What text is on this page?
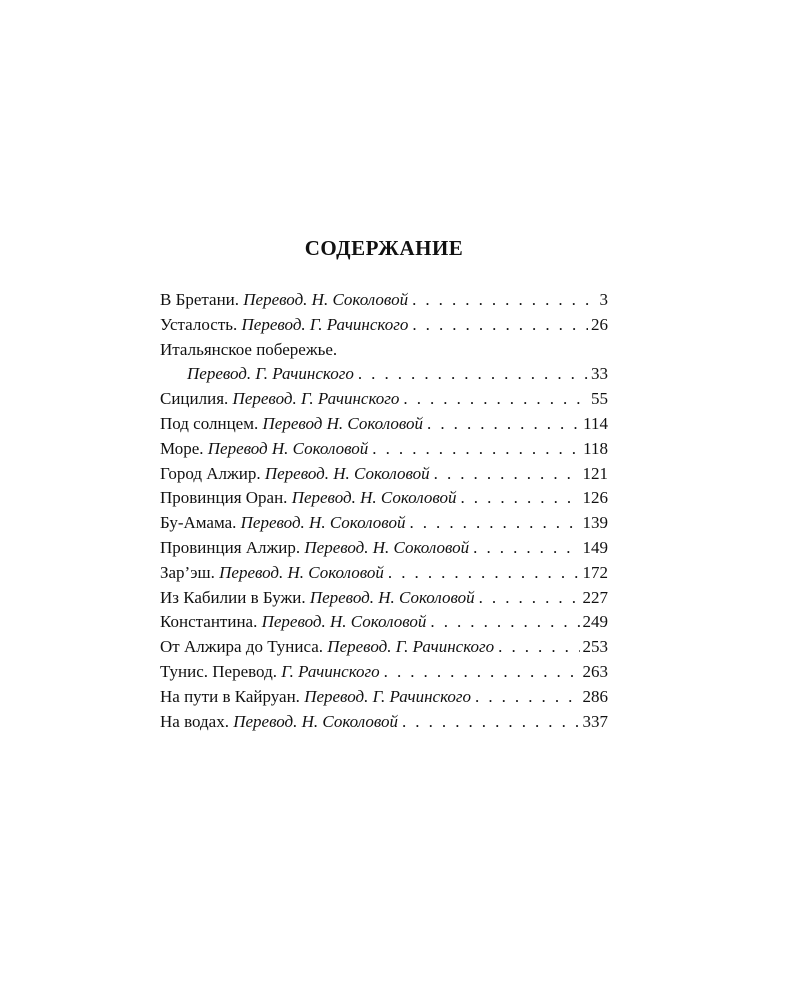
СОДЕРЖАНИЕ
В Бретани. Перевод. Н. Соколовой . . .	3
Усталость. Перевод. Г. Рачинского . . .	26
Итальянское побережье.
Перевод. Г. Рачинского . . .	33
Сицилия. Перевод. Г. Рачинского . . .	55
Под солнцем. Перевод Н. Соколовой . . .	114
Море. Перевод Н. Соколовой . . .	118
Город Алжир. Перевод. Н. Соколовой . . .	121
Провинция Оран. Перевод. Н. Соколовой . . .	126
Бу-Амама. Перевод. Н. Соколовой . . .	139
Провинция Алжир. Перевод. Н. Соколовой . . .	149
Зар’эш. Перевод. Н. Соколовой . . .	172
Из Кабилии в Бужи. Перевод. Н. Соколовой . . .	227
Константина. Перевод. Н. Соколовой . . .	249
От Алжира до Туниса. Перевод. Г. Рачинского . . .	253
Тунис. Перевод. Г. Рачинского . . .	263
На пути в Кайруан. Перевод. Г. Рачинского . . .	286
На водах. Перевод. Н. Соколовой . . .	337
